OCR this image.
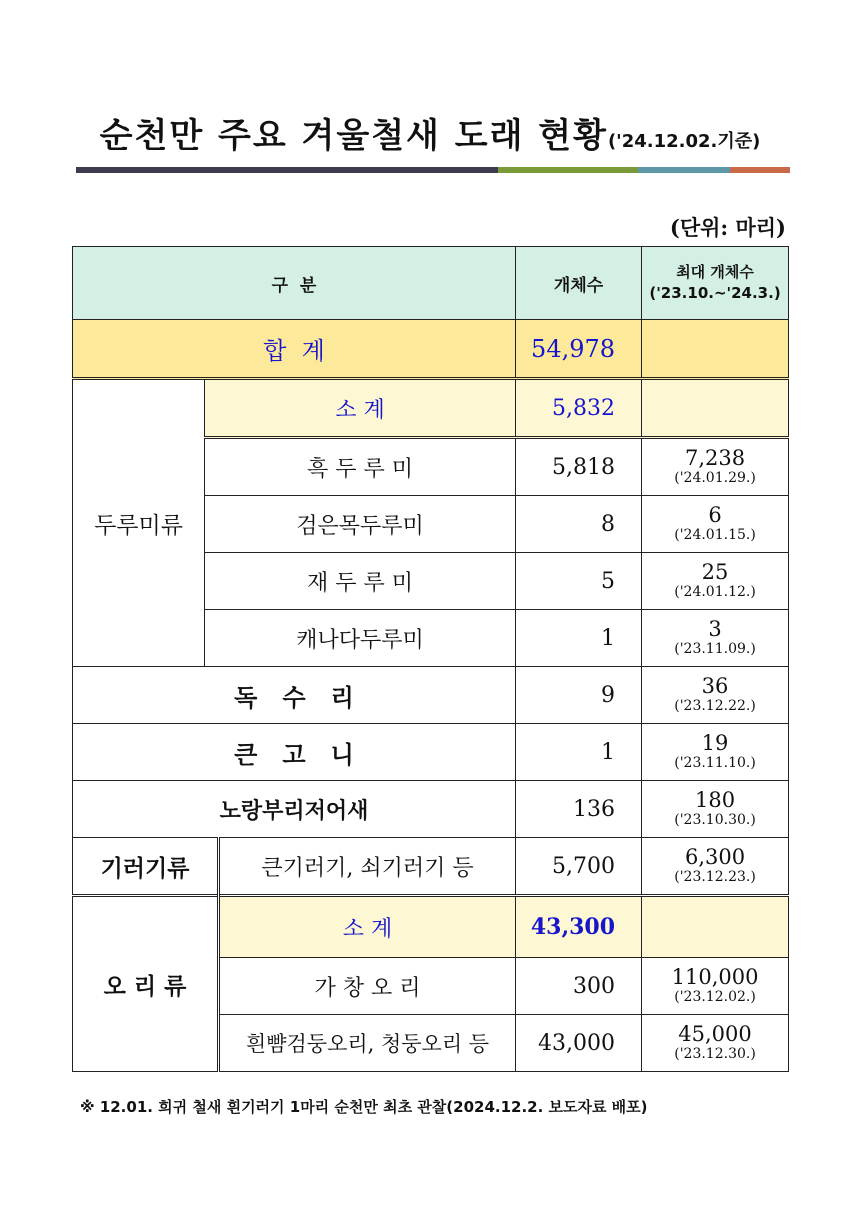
순천만 주요 겨울철새 도래 현황('24.12.02.기준)
(단위: 마리)
구  분			개체수	최대 개체수
('23.10.~'24.3.)

합  계			54,978	
두루미류	소 계		5,832	
	흑 두 루 미		5,818	7,238
('24.01.29.)

	검은목두루미		8	6
('24.01.15.)

	재 두 루 미		5	25
('24.01.12.)

	캐나다두루미		1	3
('23.11.09.)

독   수   리			9	36
('23.12.22.)

큰   고   니			1	19
('23.11.10.)

노랑부리저어새			136	180
('23.10.30.)

기러기류		큰기러기, 쇠기러기 등	5,700	6,300
('23.12.23.)

오 리 류		소 계	43,300	
		가 창 오 리	300	110,000
('23.12.02.)

		흰뺨검둥오리, 청둥오리 등	43,000	45,000
('23.12.30.)
※ 12.01. 희귀 철새 흰기러기 1마리 순천만 최초 관찰(2024.12.2. 보도자료 배포)
